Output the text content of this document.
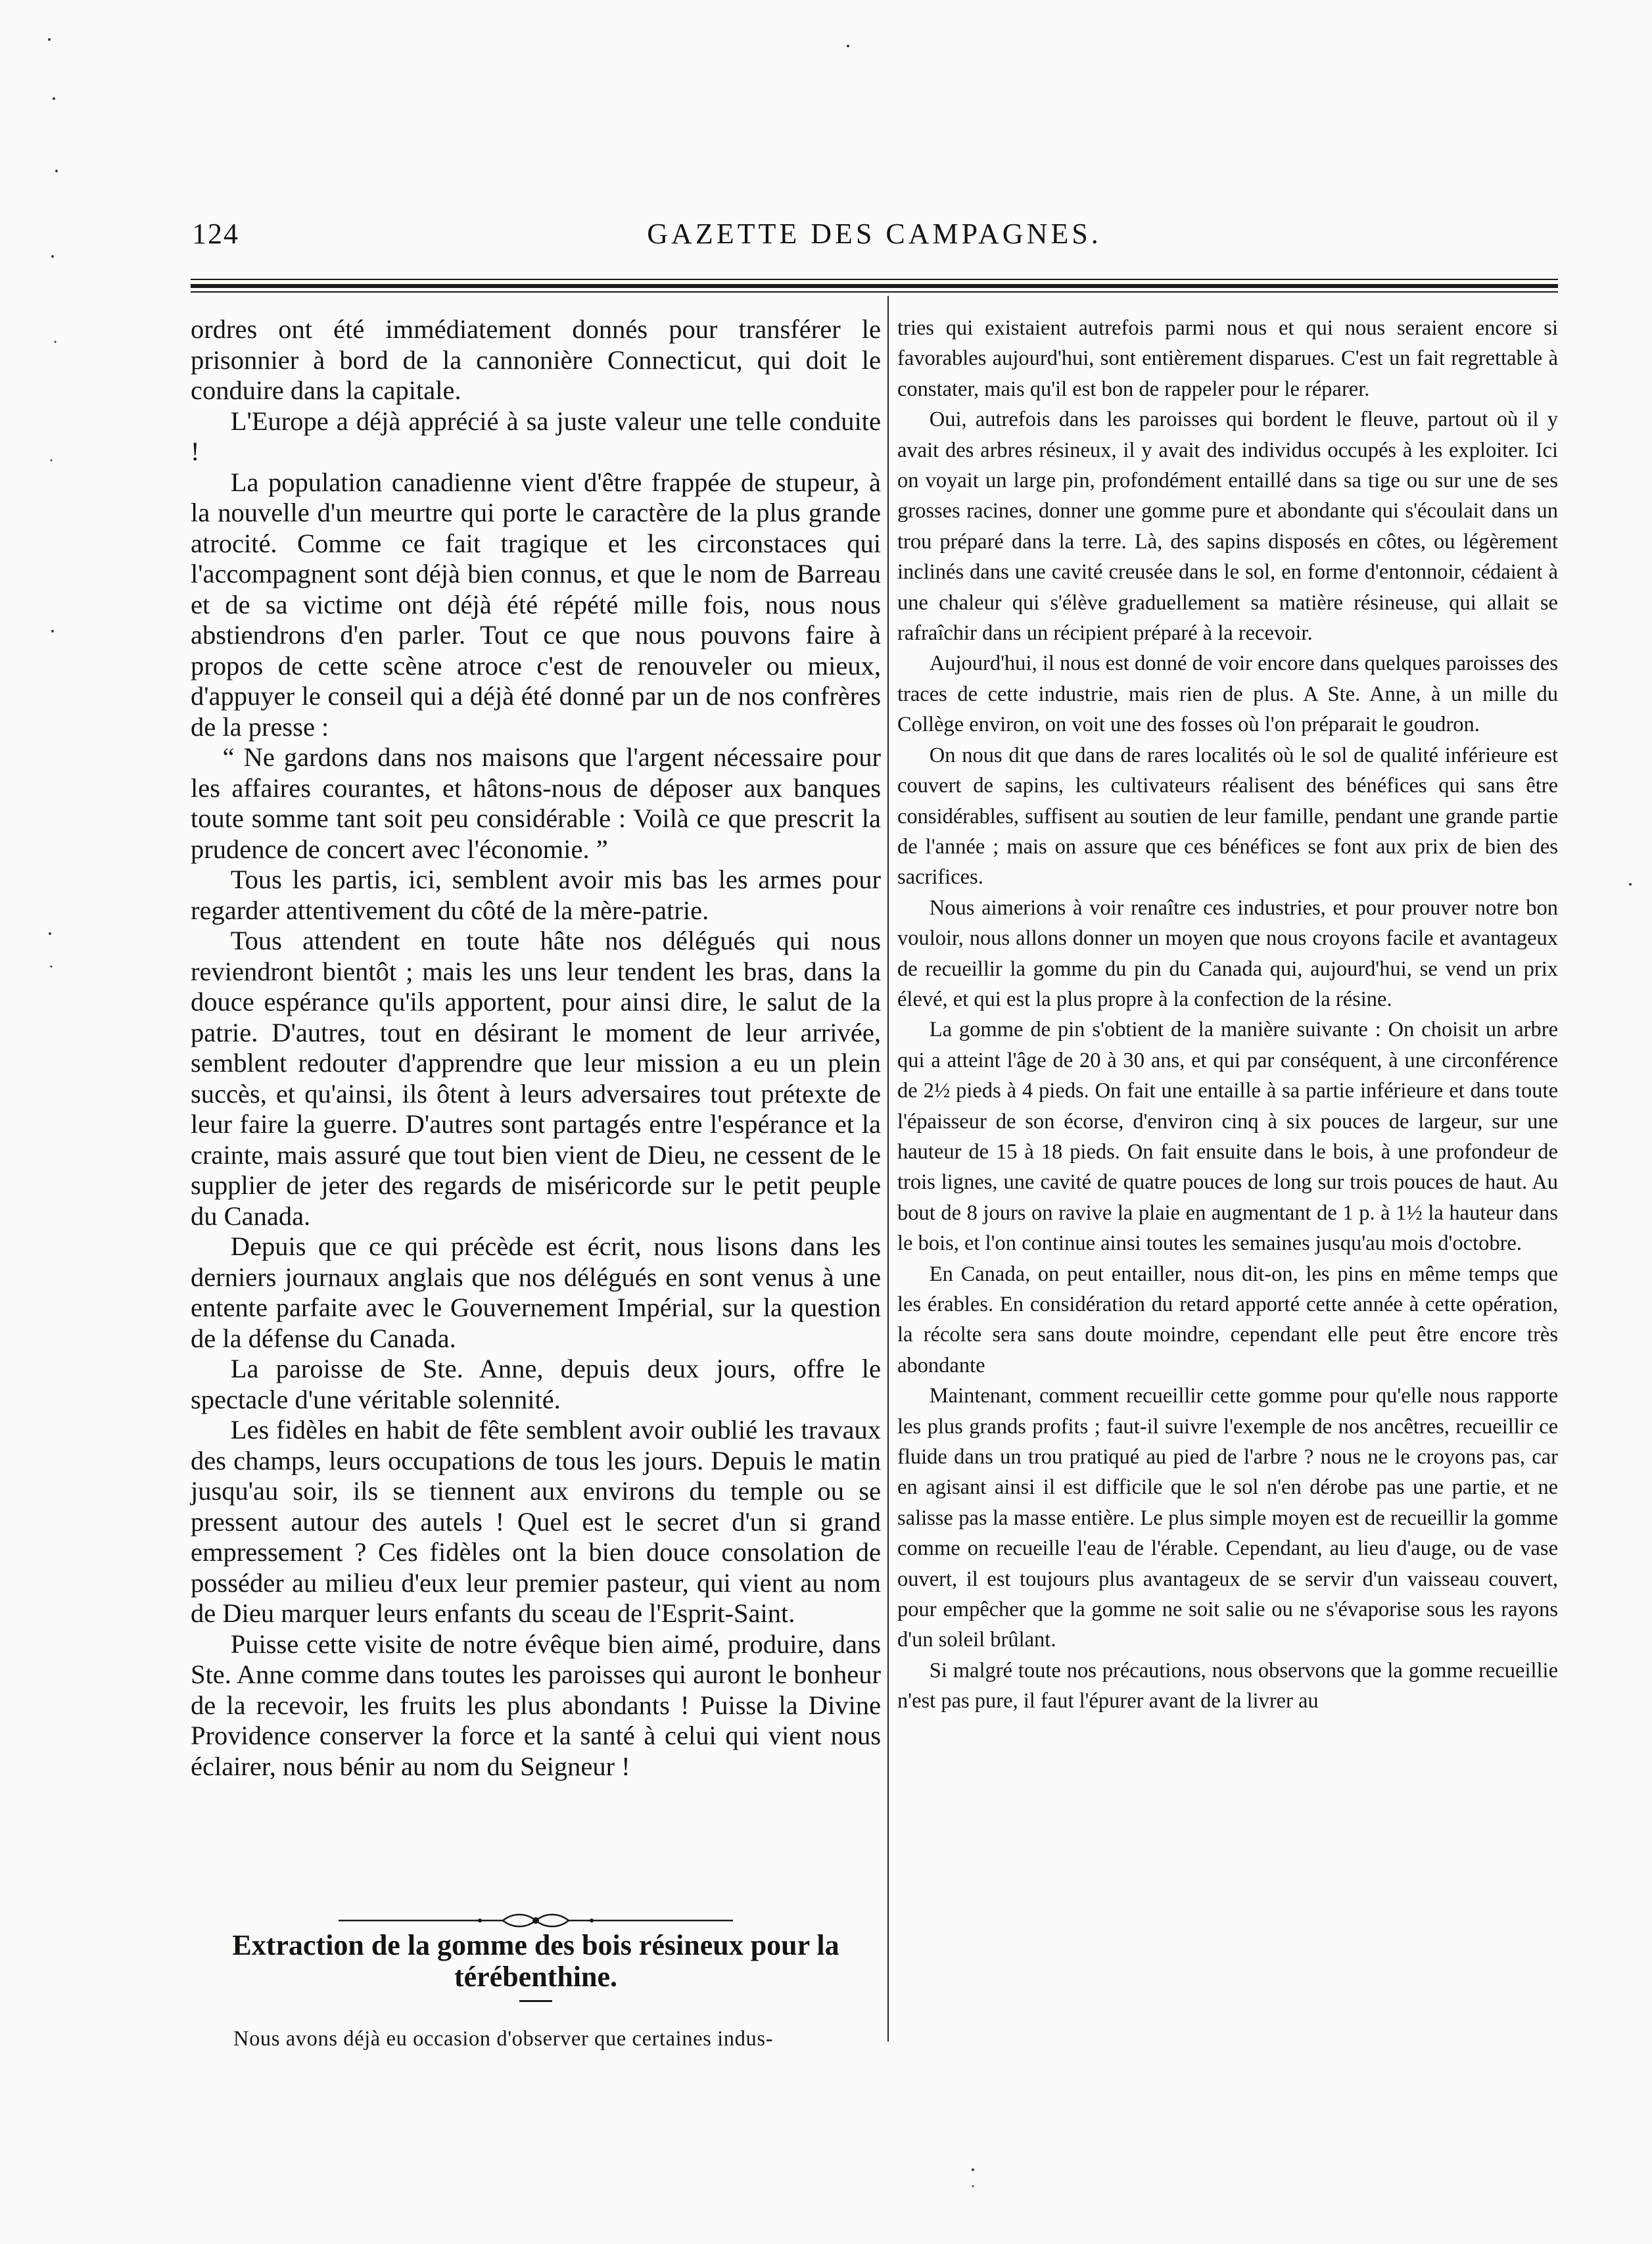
124	GAZETTE DES CAMPAGNES.

ordres ont été immédiatement donnés pour transférer le prisonnier à bord de la cannonière Connecticut, qui doit le conduire dans la capitale.

L'Europe a déjà apprécié à sa juste valeur une telle conduite !

La population canadienne vient d'être frappée de stupeur, à la nouvelle d'un meurtre qui porte le caractère de la plus grande atrocité. Comme ce fait tragique et les circonstaces qui l'accompagnent sont déjà bien connus, et que le nom de Barreau et de sa victime ont déjà été répété mille fois, nous nous abstiendrons d'en parler. Tout ce que nous pouvons faire à propos de cette scène atroce c'est de renouveler ou mieux, d'appuyer le conseil qui a déjà été donné par un de nos confrères de la presse :

“ Ne gardons dans nos maisons que l'argent nécessaire pour les affaires courantes, et hâtons-nous de déposer aux banques toute somme tant soit peu considérable : Voilà ce que prescrit la prudence de concert avec l'économie. ”

Tous les partis, ici, semblent avoir mis bas les armes pour regarder attentivement du côté de la mère-patrie.

Tous attendent en toute hâte nos délégués qui nous reviendront bientôt ; mais les uns leur tendent les bras, dans la douce espérance qu'ils apportent, pour ainsi dire, le salut de la patrie. D'autres, tout en désirant le moment de leur arrivée, semblent redouter d'apprendre que leur mission a eu un plein succès, et qu'ainsi, ils ôtent à leurs adversaires tout prétexte de leur faire la guerre. D'autres sont partagés entre l'espérance et la crainte, mais assuré que tout bien vient de Dieu, ne cessent de le supplier de jeter des regards de miséricorde sur le petit peuple du Canada.

Depuis que ce qui précède est écrit, nous lisons dans les derniers journaux anglais que nos délégués en sont venus à une entente parfaite avec le Gouvernement Impérial, sur la question de la défense du Canada.

La paroisse de Ste. Anne, depuis deux jours, offre le spectacle d'une véritable solennité.

Les fidèles en habit de fête semblent avoir oublié les travaux des champs, leurs occupations de tous les jours. Depuis le matin jusqu'au soir, ils se tiennent aux environs du temple ou se pressent autour des autels ! Quel est le secret d'un si grand empressement ? Ces fidèles ont la bien douce consolation de posséder au milieu d'eux leur premier pasteur, qui vient au nom de Dieu marquer leurs enfants du sceau de l'Esprit-Saint.

Puisse cette visite de notre évêque bien aimé, produire, dans Ste. Anne comme dans toutes les paroisses qui auront le bonheur de la recevoir, les fruits les plus abondants ! Puisse la Divine Providence conserver la force et la santé à celui qui vient nous éclairer, nous bénir au nom du Seigneur !

Extraction de la gomme des bois résineux pour la térébenthine.
Nous avons déjà eu occasion d'observer que certaines indus-

tries qui existaient autrefois parmi nous et qui nous seraient encore si favorables aujourd'hui, sont entièrement disparues. C'est un fait regrettable à constater, mais qu'il est bon de rappeler pour le réparer.

Oui, autrefois dans les paroisses qui bordent le fleuve, partout où il y avait des arbres résineux, il y avait des individus occupés à les exploiter. Ici on voyait un large pin, profondément entaillé dans sa tige ou sur une de ses grosses racines, donner une gomme pure et abondante qui s'écoulait dans un trou préparé dans la terre. Là, des sapins disposés en côtes, ou légèrement inclinés dans une cavité creusée dans le sol, en forme d'entonnoir, cédaient à une chaleur qui s'élève graduellement sa matière résineuse, qui allait se rafraîchir dans un récipient préparé à la recevoir.

Aujourd'hui, il nous est donné de voir encore dans quelques paroisses des traces de cette industrie, mais rien de plus. A Ste. Anne, à un mille du Collège environ, on voit une des fosses où l'on préparait le goudron.

On nous dit que dans de rares localités où le sol de qualité inférieure est couvert de sapins, les cultivateurs réalisent des bénéfices qui sans être considérables, suffisent au soutien de leur famille, pendant une grande partie de l'année ; mais on assure que ces bénéfices se font aux prix de bien des sacrifices.

Nous aimerions à voir renaître ces industries, et pour prouver notre bon vouloir, nous allons donner un moyen que nous croyons facile et avantageux de recueillir la gomme du pin du Canada qui, aujourd'hui, se vend un prix élevé, et qui est la plus propre à la confection de la résine.

La gomme de pin s'obtient de la manière suivante : On choisit un arbre qui a atteint l'âge de 20 à 30 ans, et qui par conséquent, à une circonférence de 2½ pieds à 4 pieds. On fait une entaille à sa partie inférieure et dans toute l'épaisseur de son écorse, d'environ cinq à six pouces de largeur, sur une hauteur de 15 à 18 pieds. On fait ensuite dans le bois, à une profondeur de trois lignes, une cavité de quatre pouces de long sur trois pouces de haut. Au bout de 8 jours on ravive la plaie en augmentant de 1 p. à 1½ la hauteur dans le bois, et l'on continue ainsi toutes les semaines jusqu'au mois d'octobre.

En Canada, on peut entailler, nous dit-on, les pins en même temps que les érables. En considération du retard apporté cette année à cette opération, la récolte sera sans doute moindre, cependant elle peut être encore très abondante

Maintenant, comment recueillir cette gomme pour qu'elle nous rapporte les plus grands profits ; faut-il suivre l'exemple de nos ancêtres, recueillir ce fluide dans un trou pratiqué au pied de l'arbre ? nous ne le croyons pas, car en agisant ainsi il est difficile que le sol n'en dérobe pas une partie, et ne salisse pas la masse entière. Le plus simple moyen est de recueillir la gomme comme on recueille l'eau de l'érable. Cependant, au lieu d'auge, ou de vase ouvert, il est toujours plus avantageux de se servir d'un vaisseau couvert, pour empêcher que la gomme ne soit salie ou ne s'évaporise sous les rayons d'un soleil brûlant.

Si malgré toute nos précautions, nous observons que la gomme recueillie n'est pas pure, il faut l'épurer avant de la livrer au
